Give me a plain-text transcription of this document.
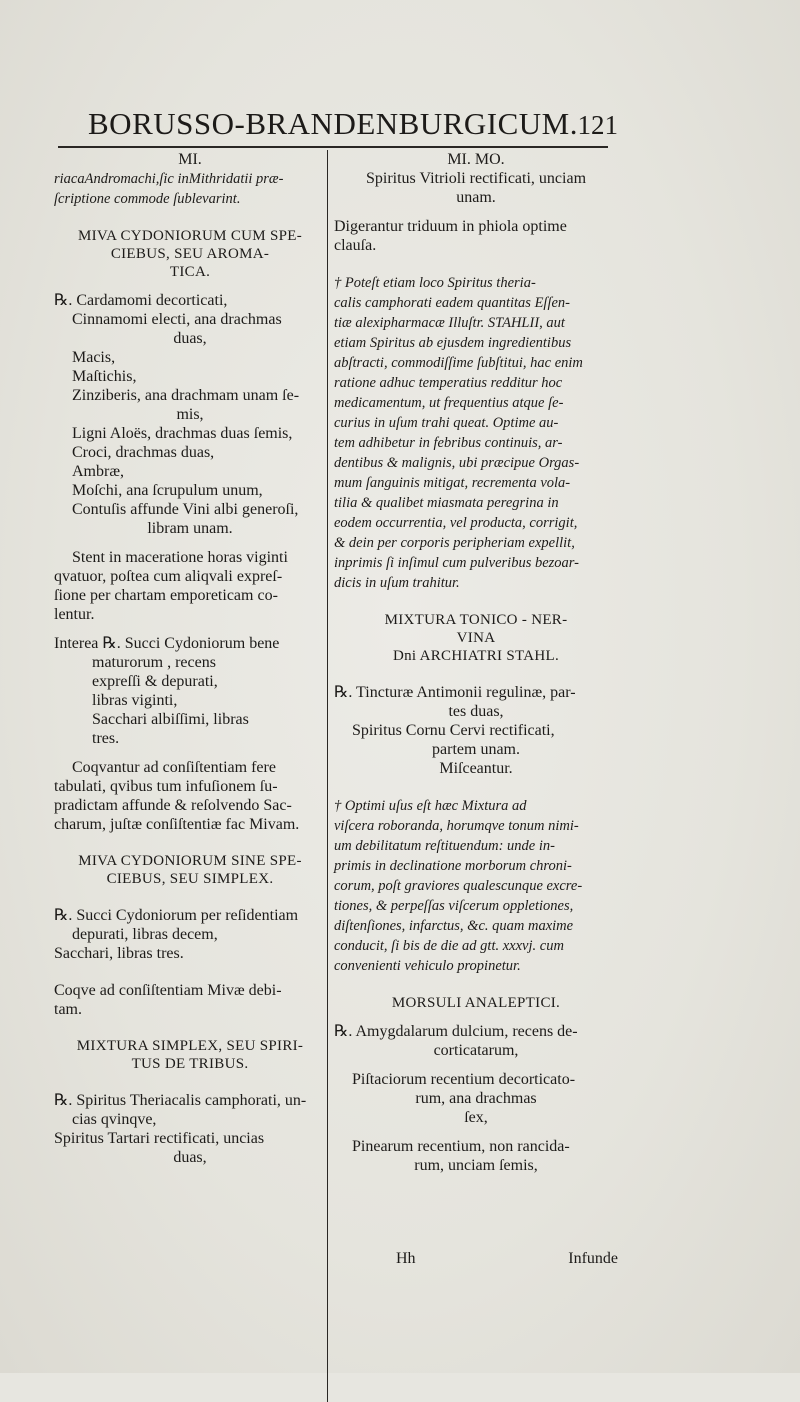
BORUSSO-BRANDENBURGICUM. 121

MI.

riacaAndromachi,ſic inMithridatii præ-

ſcriptione commode ſublevarint.

MIVA CYDONIORUM CUM SPE-

CIEBUS, SEU AROMA-

TICA.

℞. Cardamomi decorticati,

Cinnamomi electi, ana drachmas

duas,

Macis,

Maſtichis,

Zinziberis, ana drachmam unam ſe-

mis,

Ligni Aloës, drachmas duas ſemis,

Croci, drachmas duas,

Ambræ,

Moſchi, ana ſcrupulum unum,

Contuſis affunde Vini albi generoſi,

libram unam.

Stent in maceratione horas viginti

qvatuor, poſtea cum aliqvali expreſ-

ſione per chartam emporeticam co-

lentur.

Interea ℞. Succi Cydoniorum bene

maturorum , recens

expreſſi & depurati,

libras viginti,

Sacchari albiſſimi, libras

tres.

Coqvantur ad conſiſtentiam fere

tabulati, qvibus tum infuſionem ſu-

pradictam affunde & reſolvendo Sac-

charum, juſtæ conſiſtentiæ fac Mivam.

MIVA CYDONIORUM SINE SPE-

CIEBUS, SEU SIMPLEX.

℞. Succi Cydoniorum per reſidentiam

depurati, libras decem,

Sacchari, libras tres.

Coqve ad conſiſtentiam Mivæ debi-

tam.

MIXTURA SIMPLEX, SEU SPIRI-

TUS DE TRIBUS.

℞. Spiritus Theriacalis camphorati, un-

cias qvinqve,

Spiritus Tartari rectificati, uncias

duas,

MI. MO.

Spiritus Vitrioli rectificati, unciam

unam.

Digerantur triduum in phiola optime

clauſa.

† Poteſt etiam loco Spiritus theria-

calis camphorati eadem quantitas Eſſen-

tiæ alexipharmacæ Illuſtr. STAHLII, aut

etiam Spiritus ab ejusdem ingredientibus

abſtracti, commodiſſime ſubſtitui, hac enim

ratione adhuc temperatius redditur hoc

medicamentum, ut frequentius atque ſe-

curius in uſum trahi queat. Optime au-

tem adhibetur in febribus continuis, ar-

dentibus & malignis, ubi præcipue Orgas-

mum ſanguinis mitigat, recrementa vola-

tilia & qualibet miasmata peregrina in

eodem occurrentia, vel producta, corrigit,

& dein per corporis peripheriam expellit,

inprimis ſi inſimul cum pulveribus bezoar-

dicis in uſum trahitur.

MIXTURA TONICO - NER-

VINA

Dni ARCHIATRI STAHL.

℞. Tincturæ Antimonii regulinæ, par-

tes duas,

Spiritus Cornu Cervi rectificati,

partem unam.

Miſceantur.

† Optimi uſus eſt hæc Mixtura ad

viſcera roboranda, horumqve tonum nimi-

um debilitatum reſtituendum: unde in-

primis in declinatione morborum chroni-

corum, poſt graviores qualescunque excre-

tiones, & perpeſſas viſcerum oppletiones,

diſtenſiones, infarctus, &c. quam maxime

conducit, ſi bis de die ad gtt. xxxvj. cum

convenienti vehiculo propinetur.

MORSULI ANALEPTICI.

℞. Amygdalarum dulcium, recens de-

corticatarum,

Piſtaciorum recentium decorticato-

rum, ana drachmas

ſex,

Pinearum recentium, non rancida-

rum, unciam ſemis,

Hh	Infunde
